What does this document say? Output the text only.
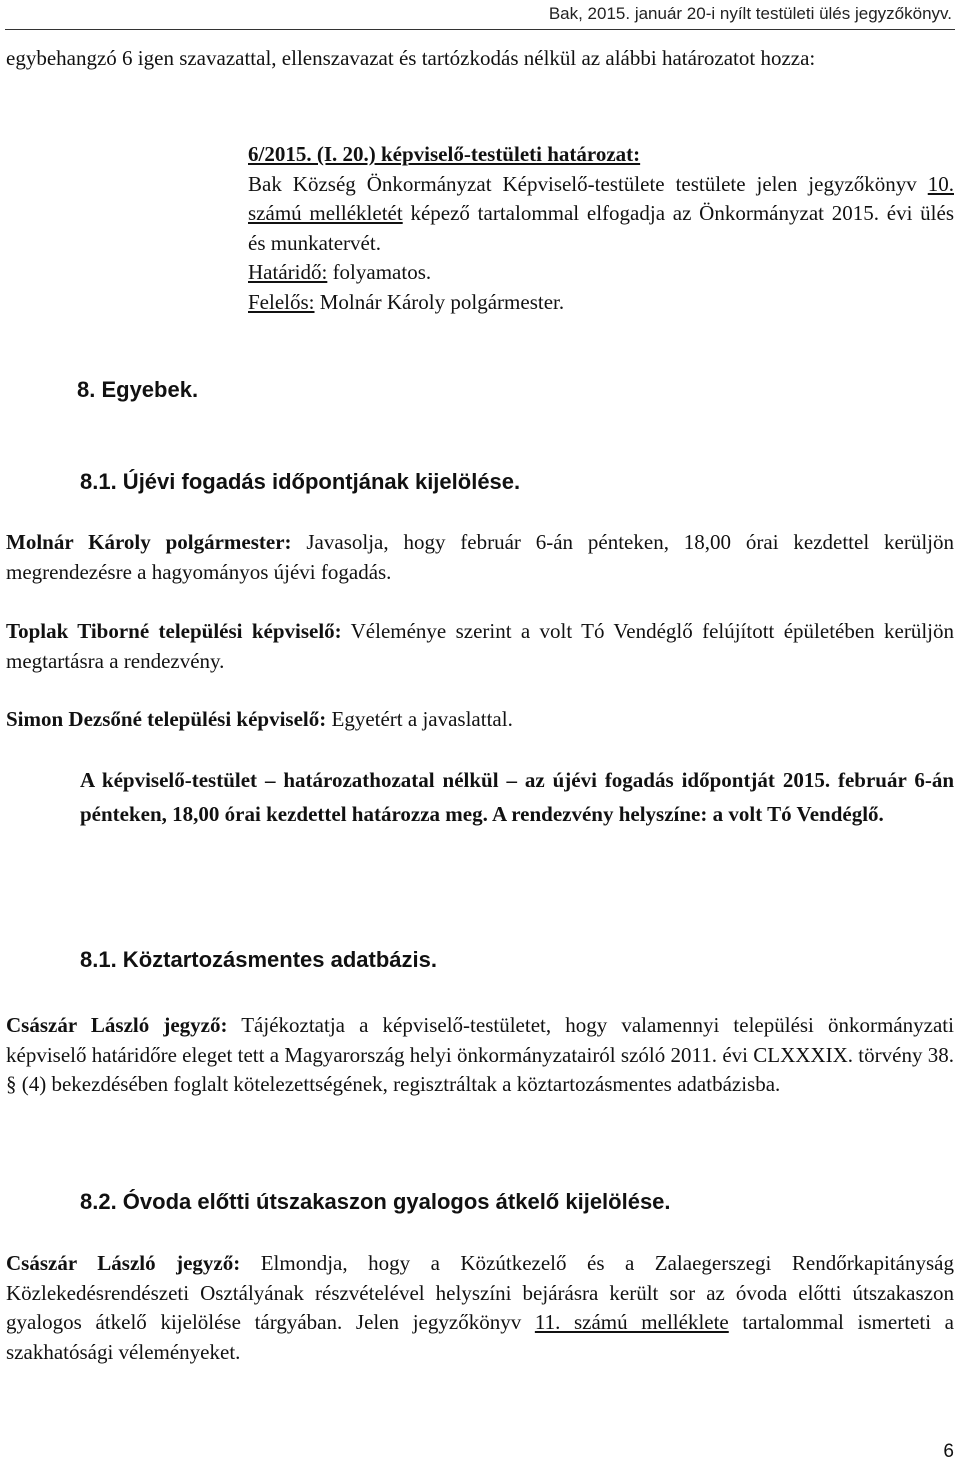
Bak, 2015. január 20-i nyílt testületi ülés jegyzőkönyv.
egybehangzó 6 igen szavazattal, ellenszavazat és tartózkodás nélkül az alábbi határozatot hozza:

6/2015. (I. 20.) képviselő-testületi határozat:

Bak Község Önkormányzat Képviselő-testülete testülete jelen jegyzőkönyv 10. számú mellékletét képező tartalommal elfogadja az Önkormányzat 2015. évi ülés és munkatervét.

Határidő: folyamatos.

Felelős: Molnár Károly polgármester.

8. Egyebek.
8.1. Újévi fogadás időpontjának kijelölése.
Molnár Károly polgármester: Javasolja, hogy február 6-án pénteken, 18,00 órai kezdettel kerüljön megrendezésre a hagyományos újévi fogadás.
Toplak Tiborné települési képviselő: Véleménye szerint a volt Tó Vendéglő felújított épületében kerüljön megtartásra a rendezvény.
Simon Dezsőné települési képviselő: Egyetért a javaslattal.
A képviselő-testület – határozathozatal nélkül – az újévi fogadás időpontját 2015. február 6-án pénteken, 18,00 órai kezdettel határozza meg. A rendezvény helyszíne: a volt Tó Vendéglő.
8.1. Köztartozásmentes adatbázis.
Császár László jegyző: Tájékoztatja a képviselő-testületet, hogy valamennyi települési önkormányzati képviselő határidőre eleget tett a Magyarország helyi önkormányzatairól szóló 2011. évi CLXXXIX. törvény 38. § (4) bekezdésében foglalt kötelezettségének, regisztráltak a köztartozásmentes adatbázisba.
8.2. Óvoda előtti útszakaszon gyalogos átkelő kijelölése.
Császár László jegyző: Elmondja, hogy a Közútkezelő és a Zalaegerszegi Rendőrkapitányság Közlekedésrendészeti Osztályának részvételével helyszíni bejárásra került sor az óvoda előtti útszakaszon gyalogos átkelő kijelölése tárgyában. Jelen jegyzőkönyv 11. számú melléklete tartalommal ismerteti a szakhatósági véleményeket.
6
